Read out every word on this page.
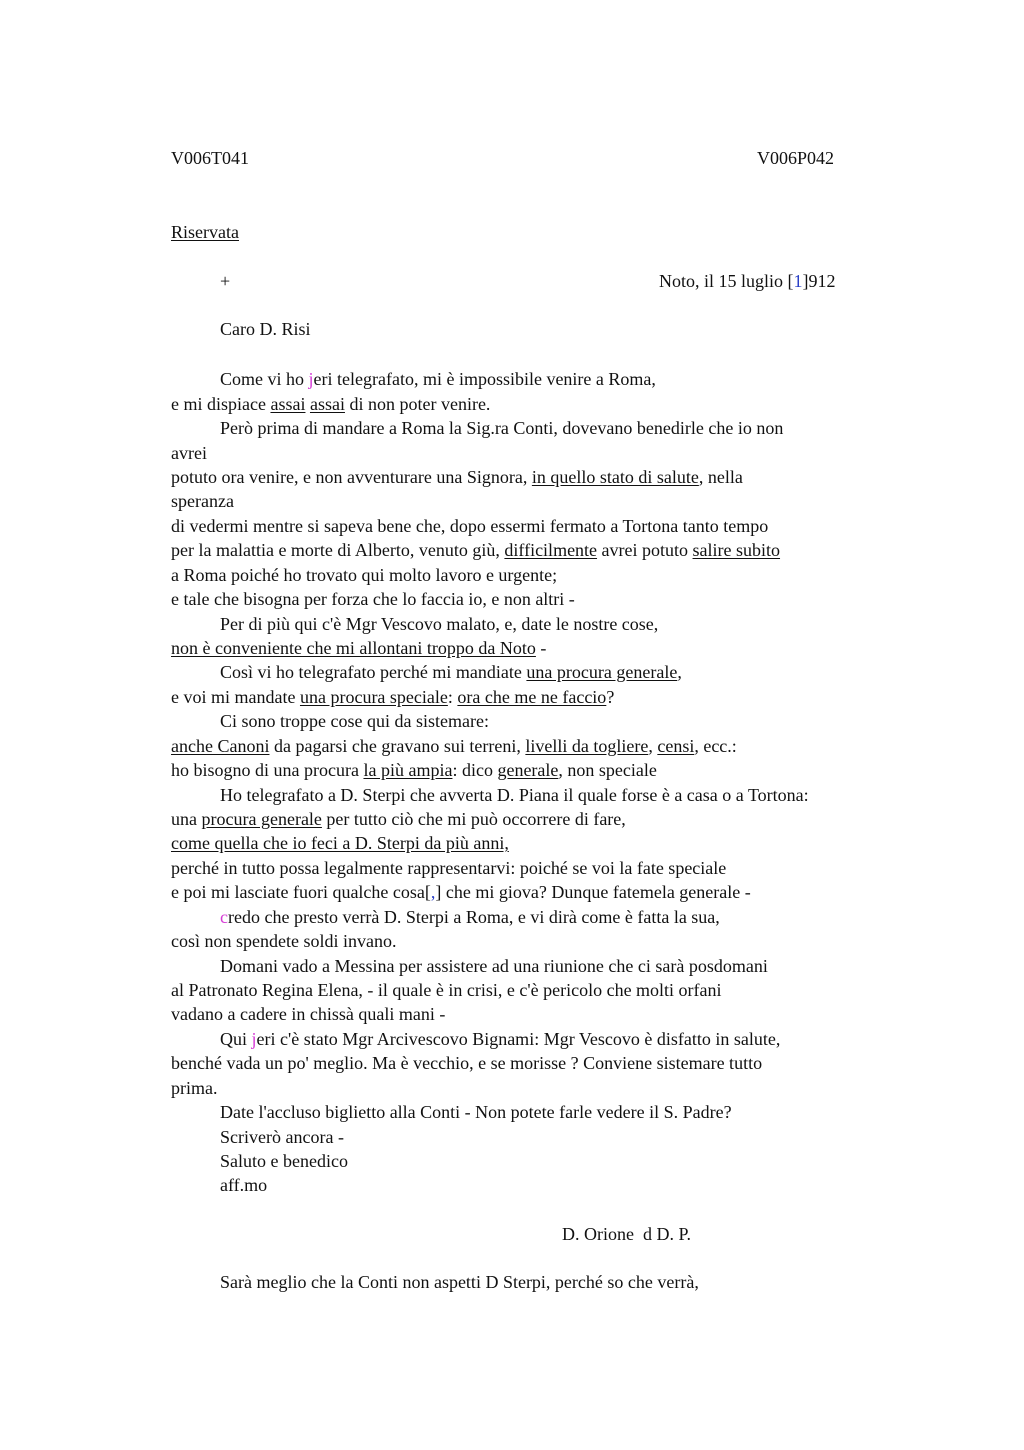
V006T041	V006P042
Riservata
+	Noto, il 15 luglio [1]912
Caro D. Risi
Come vi ho jeri telegrafato, mi è impossibile venire a Roma,
e mi dispiace assai assai di non poter venire.
Però prima di mandare a Roma la Sig.ra Conti, dovevano benedirle che io non
avrei
potuto ora venire, e non avventurare una Signora, in quello stato di salute, nella
speranza
di vedermi mentre si sapeva bene che, dopo essermi fermato a Tortona tanto tempo
per la malattia e morte di Alberto, venuto giù, difficilmente avrei potuto salire subito
a Roma poiché ho trovato qui molto lavoro e urgente;
e tale che bisogna per forza che lo faccia io, e non altri -
Per di più qui c'è Mgr Vescovo malato, e, date le nostre cose,
non è conveniente che mi allontani troppo da Noto -
Così vi ho telegrafato perché mi mandiate una procura generale,
e voi mi mandate una procura speciale: ora che me ne faccio?
Ci sono troppe cose qui da sistemare:
anche Canoni da pagarsi che gravano sui terreni, livelli da togliere, censi, ecc.:
ho bisogno di una procura la più ampia: dico generale, non speciale
Ho telegrafato a D. Sterpi che avverta D. Piana il quale forse è a casa o a Tortona:
una procura generale per tutto ciò che mi può occorrere di fare,
come quella che io feci a D. Sterpi da più anni,
perché in tutto possa legalmente rappresentarvi: poiché se voi la fate speciale
e poi mi lasciate fuori qualche cosa[,] che mi giova? Dunque fatemela generale -
credo che presto verrà D. Sterpi a Roma, e vi dirà come è fatta la sua,
così non spendete soldi invano.
Domani vado a Messina per assistere ad una riunione che ci sarà posdomani
al Patronato Regina Elena, - il quale è in crisi, e c'è pericolo che molti orfani
vadano a cadere in chissà quali mani -
Qui jeri c'è stato Mgr Arcivescovo Bignami: Mgr Vescovo è disfatto in salute,
benché vada un po' meglio. Ma è vecchio, e se morisse ? Conviene sistemare tutto
prima.
Date l'accluso biglietto alla Conti - Non potete farle vedere il S. Padre?
Scriverò ancora -
Saluto e benedico
aff.mo
D. Orione  d D. P.
Sarà meglio che la Conti non aspetti D Sterpi, perché so che verrà,
